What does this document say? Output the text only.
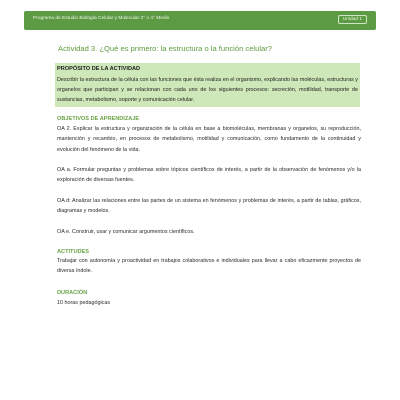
Programa de Estudio Biología Celular y Molecular 3° o 4° Medio	Unidad 1
Actividad 3. ¿Qué es primero: la estructura o la función celular?
PROPÓSITO DE LA ACTIVIDAD
Describir la estructura de la célula con las funciones que ésta realiza en el organismo, explicando las moléculas, estructuras y organelos que participan y se relacionan con cada uno de los siguientes procesos: secreción, motilidad, transporte de sustancias, metabolismo, soporte y comunicación celular.
OBJETIVOS DE APRENDIZAJE
OA 2. Explicar la estructura y organización de la célula en base a biomoléculas, membranas y organelos, su reproducción, mantención y recambio, en procesos de metabolismo, motilidad y comunicación, como fundamento de la continuidad y evolución del fenómeno de la vida.
OA a. Formular preguntas y problemas sobre tópicos científicos de interés, a partir de la observación de fenómenos y/o la exploración de diversas fuentes.
OA d: Analizar las relaciones entre las partes de un sistema en fenómenos y problemas de interés, a partir de tablas, gráficos, diagramas y modelos.
OA e. Construir, usar y comunicar argumentos científicos.
ACTITUDES
Trabajar con autonomía y proactividad en trabajos colaborativos e individuales para llevar a cabo eficazmente proyectos de diversa índole.
DURACIÓN
10 horas pedagógicas
